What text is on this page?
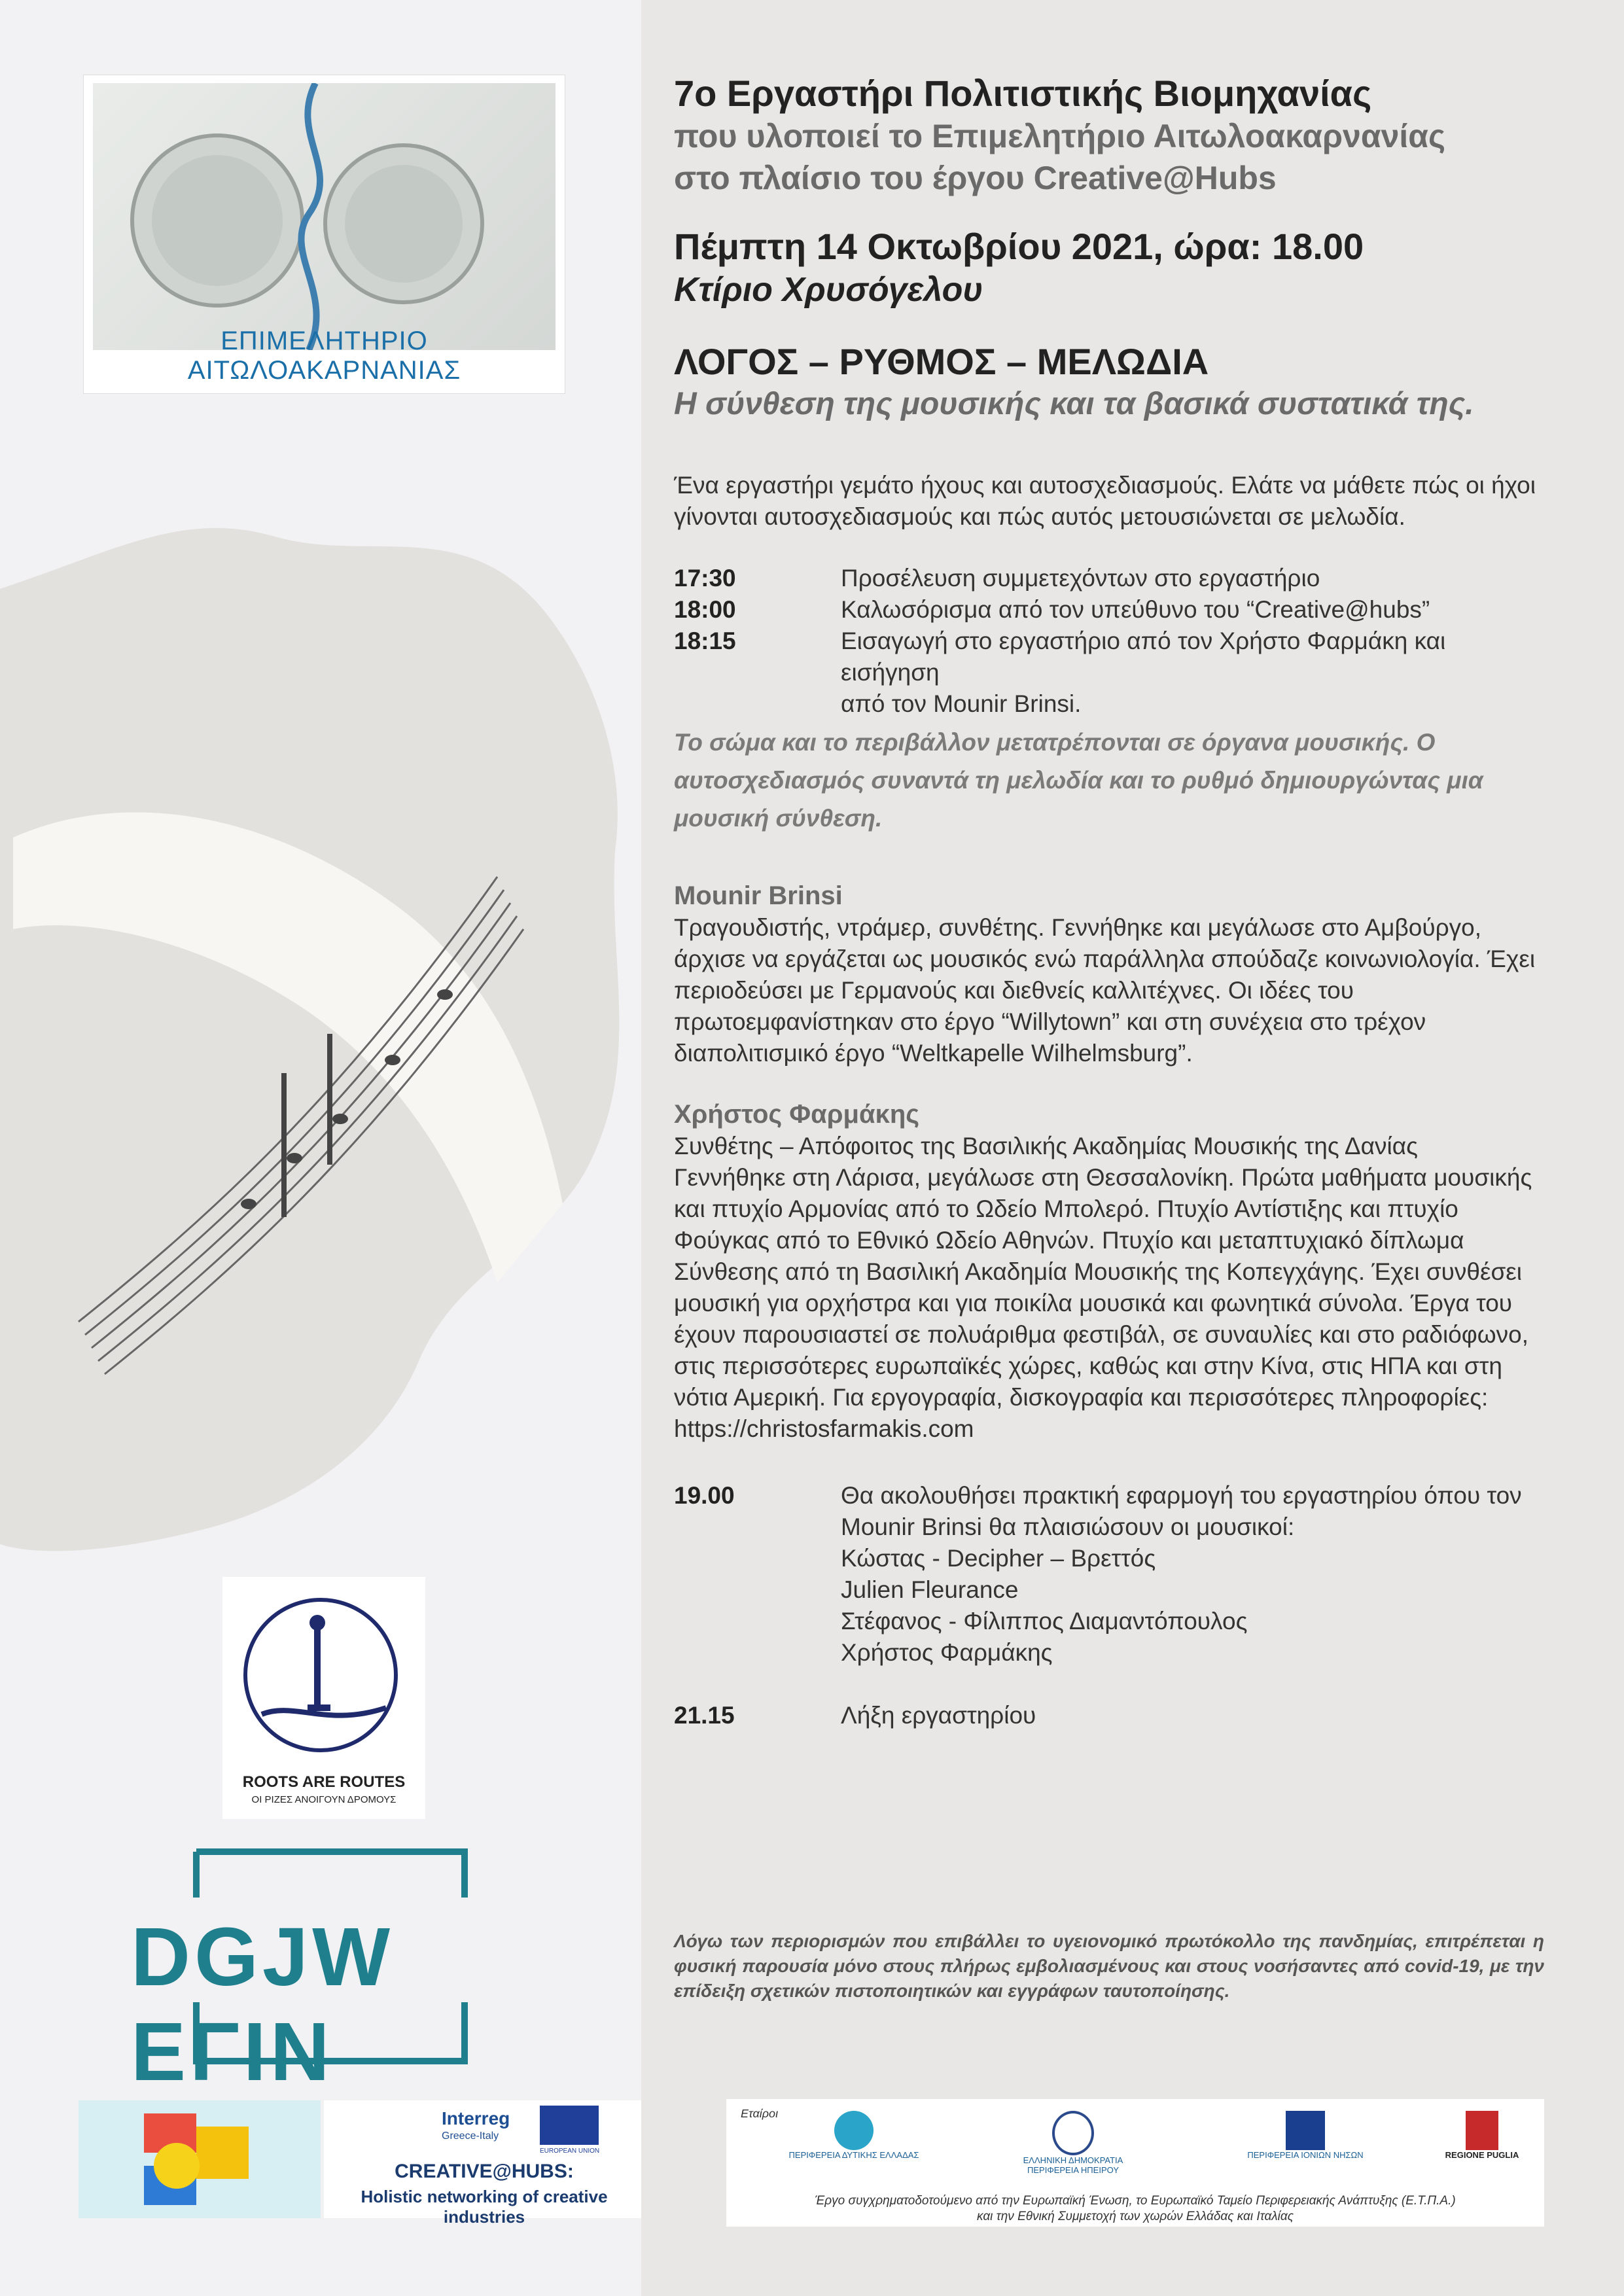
ΕΠΙΜΕΛΗΤΗΡΙΟ ΑΙΤΩΛΟΑΚΑΡΝΑΝΙΑΣ
ROOTS ARE ROUTES
ΟΙ ΡΙΖΕΣ ΑΝΟΙΓΟΥΝ ΔΡΟΜΟΥΣ
DGJW ΕΓΙΝ
Interreg
Greece-Italy
EUROPEAN UNION
CREATIVE@HUBS:
Holistic networking of creative industries
7ο Εργαστήρι Πολιτιστικής Βιομηχανίας
που υλοποιεί το Επιμελητήριο Αιτωλοακαρνανίας
στο πλαίσιο του έργου Creative@Hubs
Πέμπτη 14 Οκτωβρίου 2021, ώρα: 18.00
Κτίριο Χρυσόγελου
ΛΟΓΟΣ – ΡΥΘΜΟΣ – ΜΕΛΩΔΙΑ
Η σύνθεση της μουσικής και τα βασικά συστατικά της.
Ένα εργαστήρι γεμάτο ήχους και αυτοσχεδιασμούς. Ελάτε να μάθετε πώς οι ήχοι
γίνονται αυτοσχεδιασμούς και πώς αυτός μετουσιώνεται σε μελωδία.
17:30	Προσέλευση συμμετεχόντων στο εργαστήριο
18:00	Καλωσόρισμα από τον υπεύθυνο του “Creative@hubs”
18:15	Εισαγωγή στο εργαστήριο από τον Χρήστο Φαρμάκη και εισήγηση
από τον Mounir Brinsi.
Το σώμα και το περιβάλλον μετατρέπονται σε όργανα μουσικής. Ο
αυτοσχεδιασμός συναντά τη μελωδία και το ρυθμό δημιουργώντας μια
μουσική σύνθεση.
Mounir Brinsi
Τραγουδιστής, ντράμερ, συνθέτης. Γεννήθηκε και μεγάλωσε στο Αμβούργο,
άρχισε να εργάζεται ως μουσικός ενώ παράλληλα σπούδαζε κοινωνιολογία. Έχει
περιοδεύσει με Γερμανούς και διεθνείς καλλιτέχνες. Οι ιδέες του
πρωτοεμφανίστηκαν στο έργο “Willytown” και στη συνέχεια στο τρέχον
διαπολιτισμικό έργο “Weltkapelle Wilhelmsburg”.
Χρήστος Φαρμάκης
Συνθέτης – Απόφοιτος της Βασιλικής Ακαδημίας Μουσικής της Δανίας
Γεννήθηκε στη Λάρισα, μεγάλωσε στη Θεσσαλονίκη. Πρώτα μαθήματα μουσικής
και πτυχίο Αρμονίας από το Ωδείο Μπολερό. Πτυχίο Αντίστιξης και πτυχίο
Φούγκας από το Εθνικό Ωδείο Αθηνών. Πτυχίο και μεταπτυχιακό δίπλωμα
Σύνθεσης από τη Βασιλική Ακαδημία Μουσικής της Κοπεγχάγης. Έχει συνθέσει
μουσική για ορχήστρα και για ποικίλα μουσικά και φωνητικά σύνολα. Έργα του
έχουν παρουσιαστεί σε πολυάριθμα φεστιβάλ, σε συναυλίες και στο ραδιόφωνο,
στις περισσότερες ευρωπαϊκές χώρες, καθώς και στην Κίνα, στις ΗΠΑ και στη
νότια Αμερική. Για εργογραφία, δισκογραφία και περισσότερες πληροφορίες:
https://christosfarmakis.com
19.00	Θα ακολουθήσει πρακτική εφαρμογή του εργαστηρίου όπου τον
Mounir Brinsi θα πλαισιώσουν οι μουσικοί:
Κώστας - Decipher – Βρεττός
Julien Fleurance
Στέφανος - Φίλιππος Διαμαντόπουλος
Χρήστος Φαρμάκης
21.15	Λήξη εργαστηρίου
Λόγω των περιορισμών που επιβάλλει το υγειονομικό πρωτόκολλο της πανδημίας, επιτρέπεται η φυσική παρουσία μόνο στους πλήρως εμβολιασμένους και στους νοσήσαντες από covid-19, με την επίδειξη σχετικών πιστοποιητικών και εγγράφων ταυτοποίησης.
Εταίροι
ΠΕΡΙΦΕΡΕΙΑ ΔΥΤΙΚΗΣ ΕΛΛΑΔΑΣ
ΕΛΛΗΝΙΚΗ ΔΗΜΟΚΡΑΤΙΑ ΠΕΡΙΦΕΡΕΙΑ ΗΠΕΙΡΟΥ
ΠΕΡΙΦΕΡΕΙΑ ΙΟΝΙΩΝ ΝΗΣΩΝ	REGIONE PUGLIA
Έργο συγχρηματοδοτούμενο από την Ευρωπαϊκή Ένωση, το Ευρωπαϊκό Ταμείο Περιφερειακής Ανάπτυξης (Ε.Τ.Π.Α.)
και την Εθνική Συμμετοχή των χωρών Ελλάδας και Ιταλίας
